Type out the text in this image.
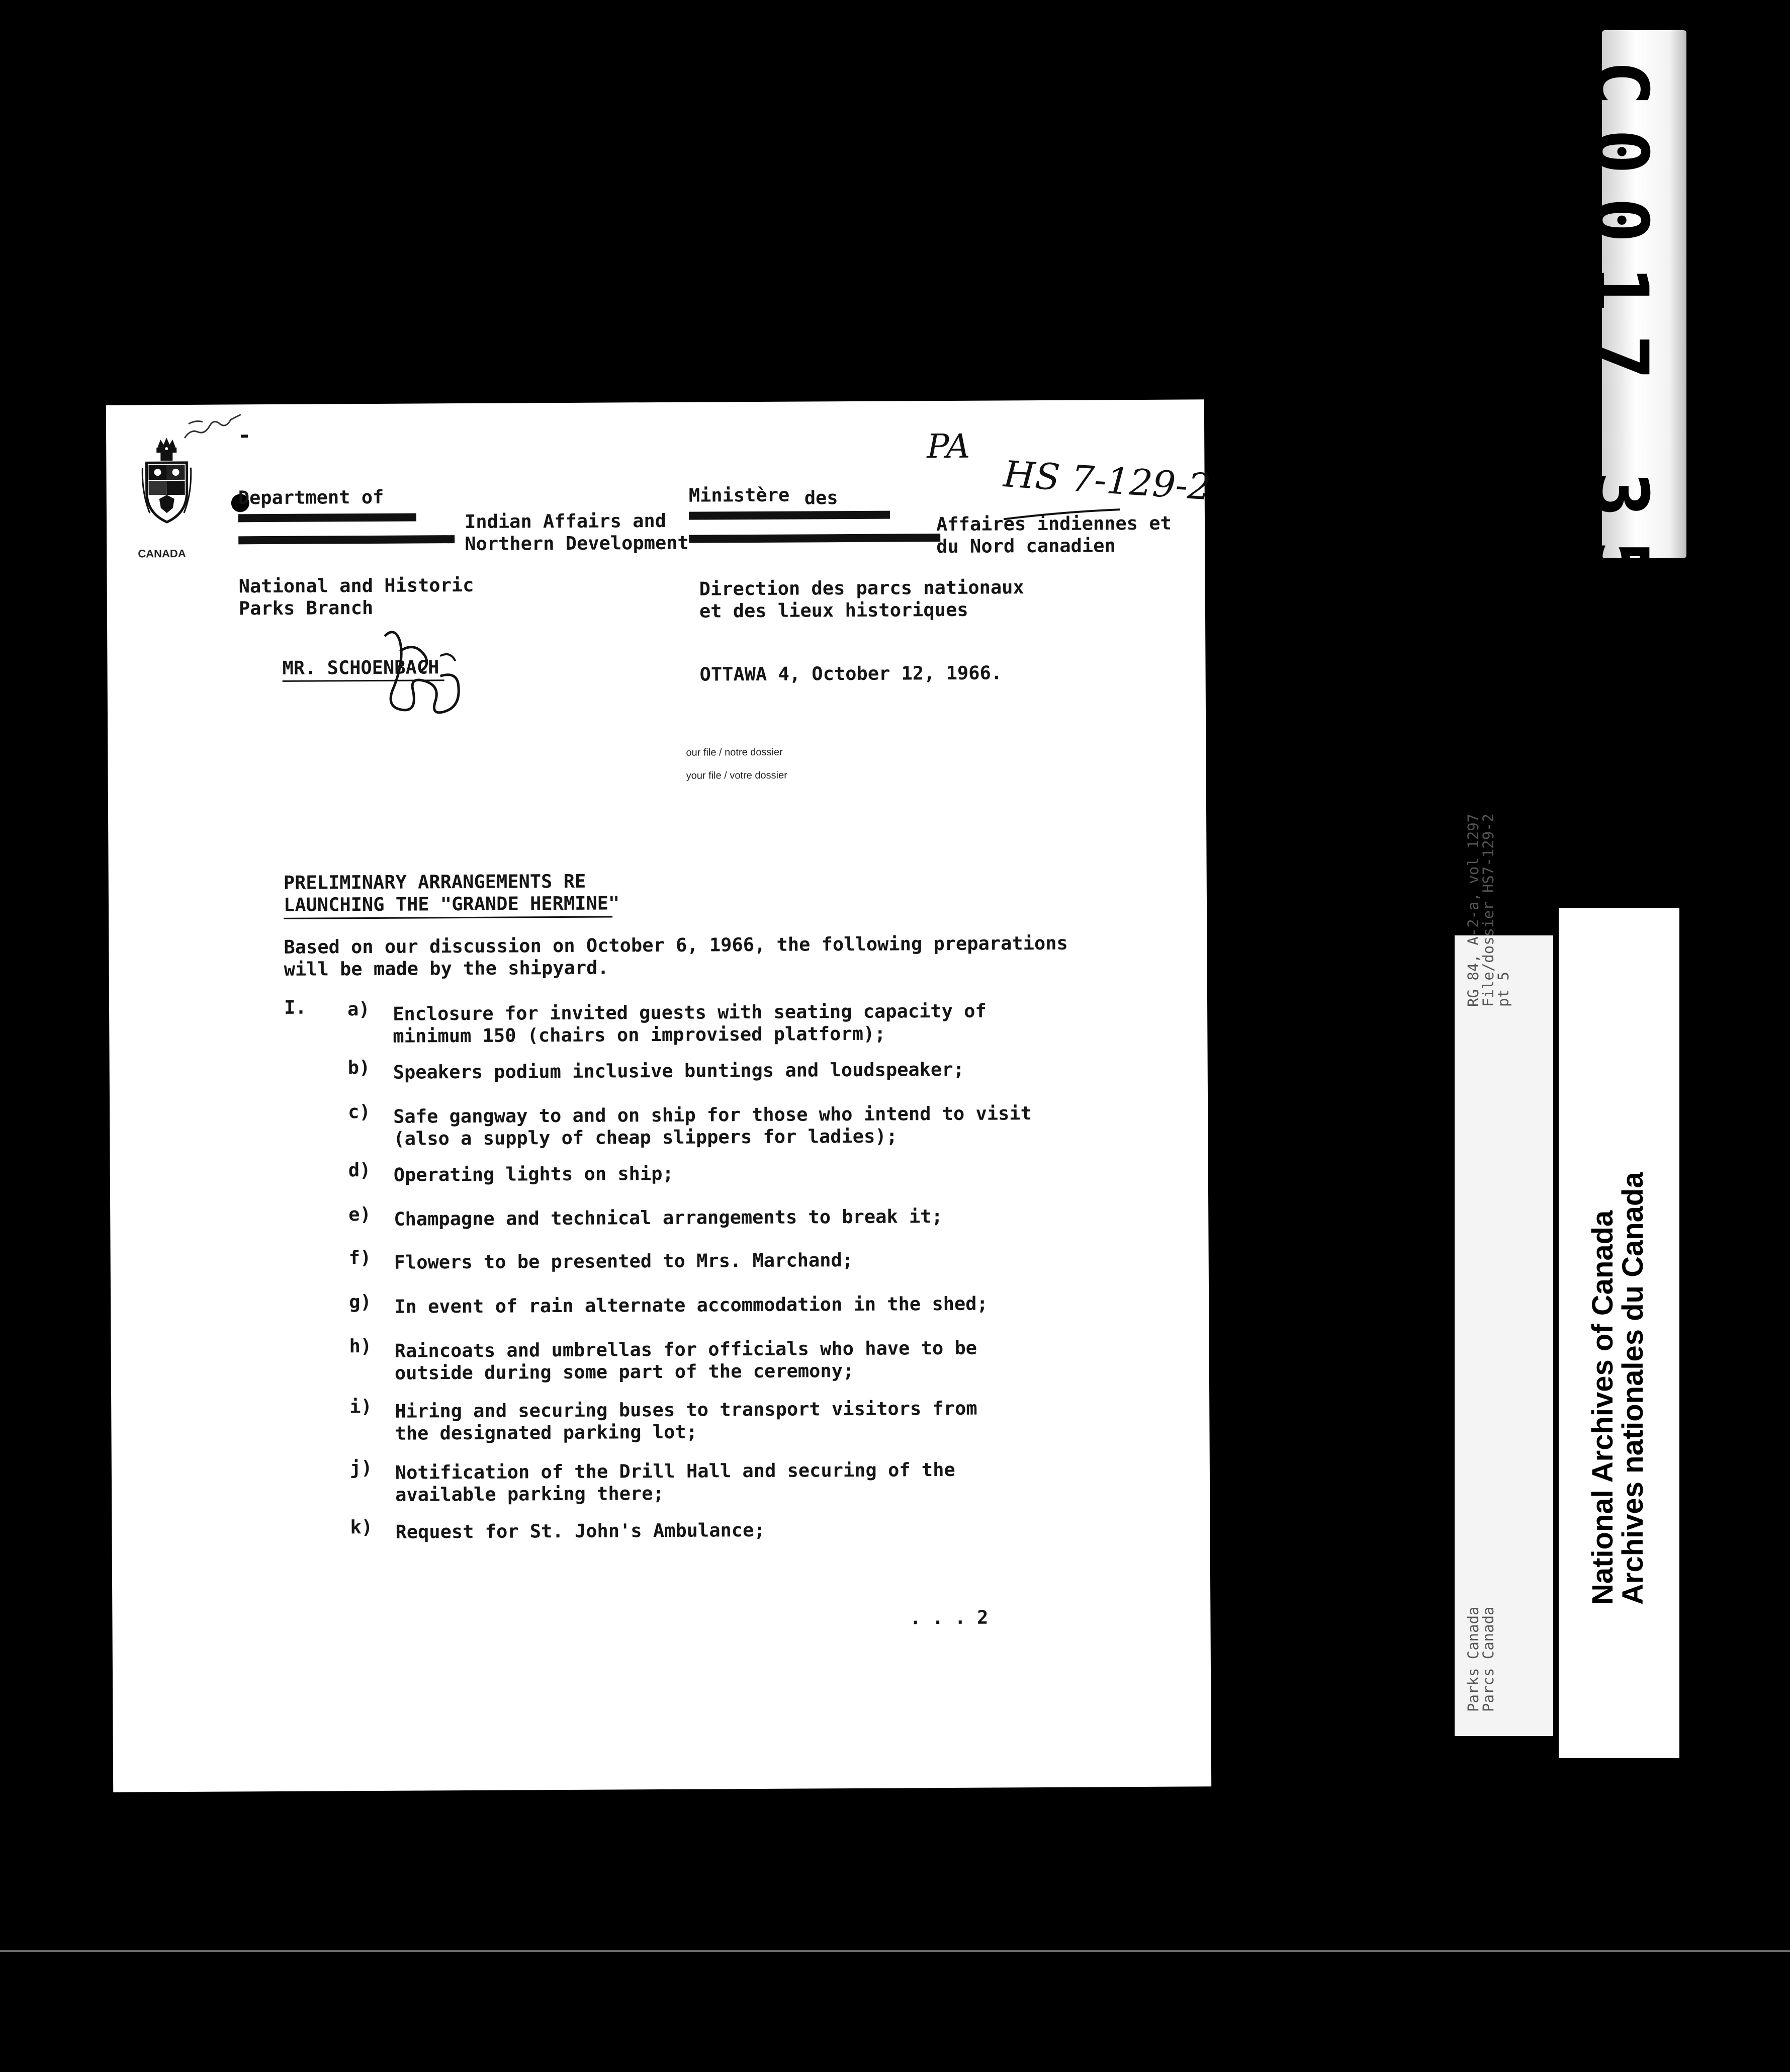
C0017 35
RG 84, A-2-a, vol 1297
File/dossier HS7-129-2
pt 5
Parks Canada
Parcs Canada
National Archives of Canada
Archives nationales du Canada
CANADA
Department of
Indian Affairs and
Northern Development
Ministère des
Affaires indiennes et
du Nord canadien
PA
HS 7-129-2
National and Historic
Parks Branch
Direction des parcs nationaux
et des lieux historiques
MR. SCHOENBACH	OTTAWA 4, October 12, 1966.
our file / notre dossier
your file / votre dossier
PRELIMINARY ARRANGEMENTS RE
LAUNCHING THE "GRANDE HERMINE"
Based on our discussion on October 6, 1966, the following preparations
will be made by the shipyard.
I. a) Enclosure for invited guests with seating capacity of
minimum 150 (chairs on improvised platform);
b) Speakers podium inclusive buntings and loudspeaker;
c) Safe gangway to and on ship for those who intend to visit
(also a supply of cheap slippers for ladies);
d) Operating lights on ship;
e) Champagne and technical arrangements to break it;
f) Flowers to be presented to Mrs. Marchand;
g) In event of rain alternate accommodation in the shed;
h) Raincoats and umbrellas for officials who have to be
outside during some part of the ceremony;
i) Hiring and securing buses to transport visitors from
the designated parking lot;
j) Notification of the Drill Hall and securing of the
available parking there;
k) Request for St. John's Ambulance;
. . . 2
